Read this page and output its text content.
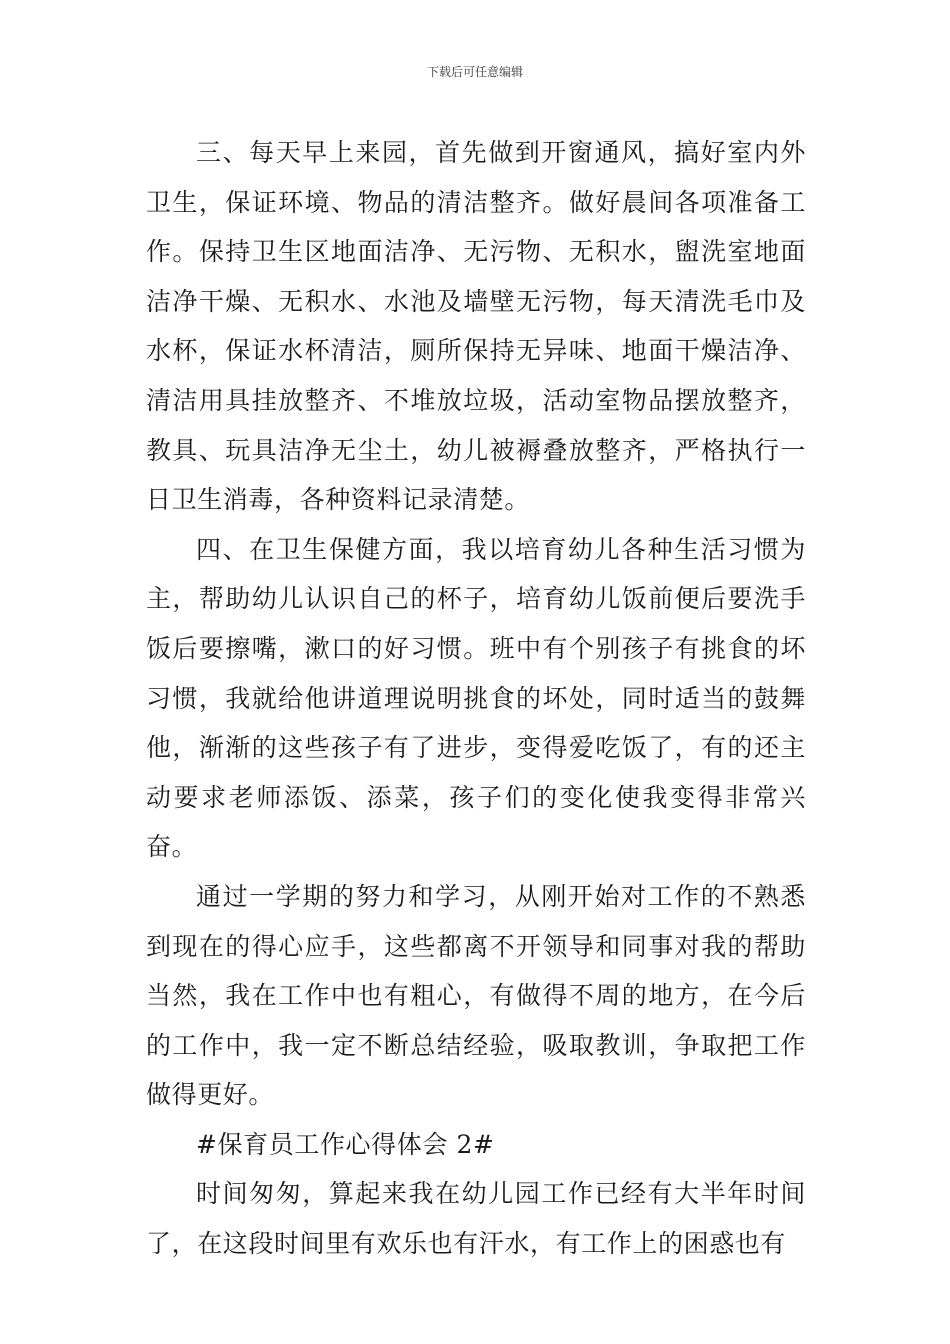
下载后可任意编辑

三、每天早上来园，首先做到开窗通风，搞好室内外卫生，保证环境、物品的清洁整齐。做好晨间各项准备工作。保持卫生区地面洁净、无污物、无积水，盥洗室地面洁净干燥、无积水、水池及墙壁无污物，每天清洗毛巾及水杯，保证水杯清洁，厕所保持无异味、地面干燥洁净、清洁用具挂放整齐、不堆放垃圾，活动室物品摆放整齐，教具、玩具洁净无尘土，幼儿被褥叠放整齐，严格执行一日卫生消毒，各种资料记录清楚。

四、在卫生保健方面，我以培育幼儿各种生活习惯为主，帮助幼儿认识自己的杯子，培育幼儿饭前便后要洗手饭后要擦嘴，漱口的好习惯。班中有个别孩子有挑食的坏习惯，我就给他讲道理说明挑食的坏处，同时适当的鼓舞他，渐渐的这些孩子有了进步，变得爱吃饭了，有的还主动要求老师添饭、添菜，孩子们的变化使我变得非常兴奋。

通过一学期的努力和学习，从刚开始对工作的不熟悉到现在的得心应手，这些都离不开领导和同事对我的帮助当然，我在工作中也有粗心，有做得不周的地方，在今后的工作中，我一定不断总结经验，吸取教训，争取把工作做得更好。

#保育员工作心得体会 2#

时间匆匆，算起来我在幼儿园工作已经有大半年时间了，在这段时间里有欢乐也有汗水，有工作上的困惑也有
